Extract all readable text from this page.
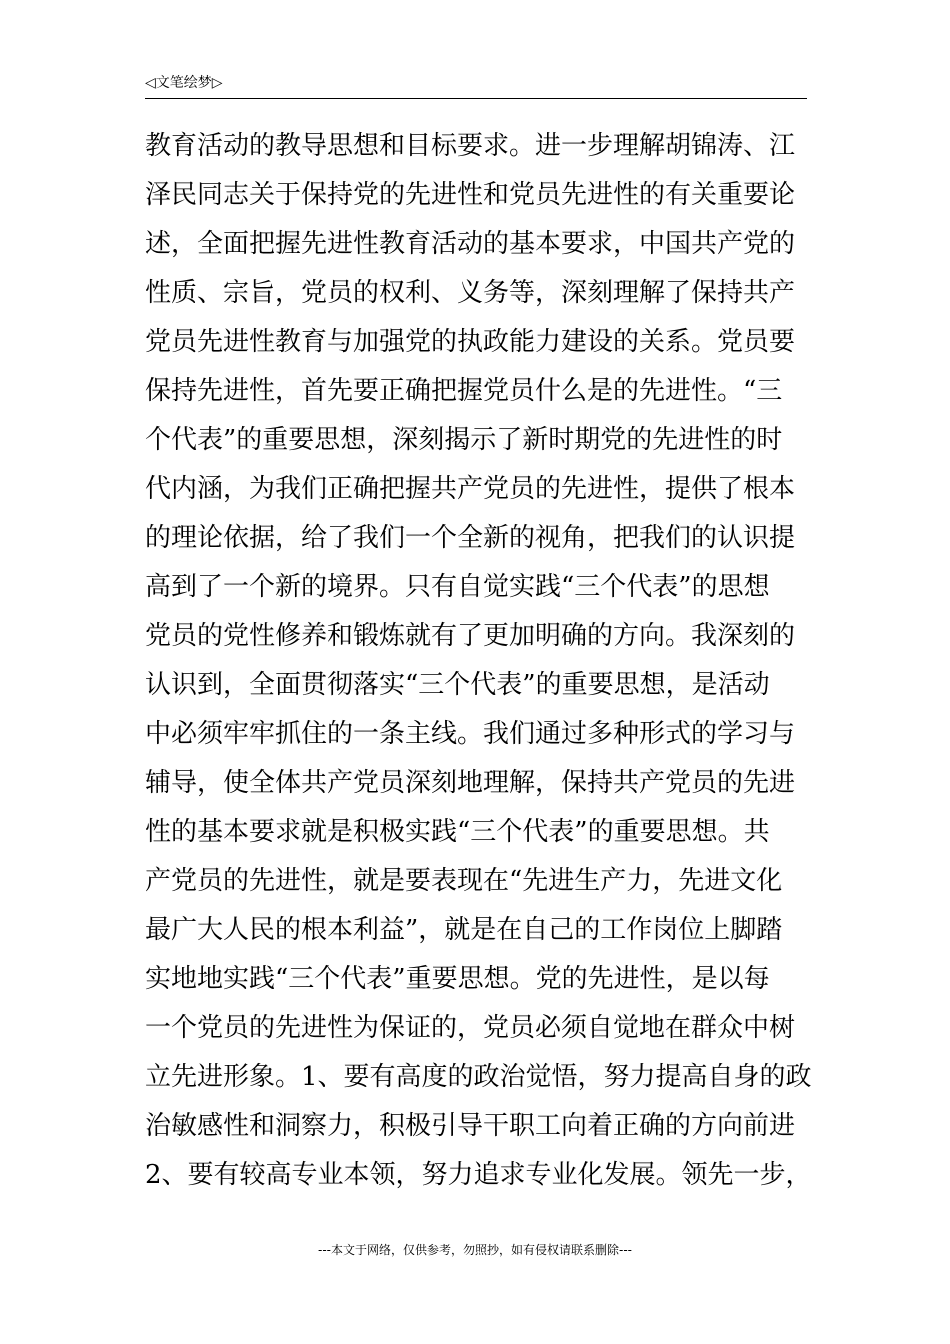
◁文笔绘梦▷
教育活动的教导思想和目标要求。进一步理解胡锦涛、江
泽民同志关于保持党的先进性和党员先进性的有关重要论
述，全面把握先进性教育活动的基本要求，中国共产党的
性质、宗旨，党员的权利、义务等，深刻理解了保持共产
党员先进性教育与加强党的执政能力建设的关系。党员要
保持先进性，首先要正确把握党员什么是的先进性。“三
个代表”的重要思想，深刻揭示了新时期党的先进性的时
代内涵，为我们正确把握共产党员的先进性，提供了根本
的理论依据，给了我们一个全新的视角，把我们的认识提
高到了一个新的境界。只有自觉实践“三个代表”的思想
党员的党性修养和锻炼就有了更加明确的方向。我深刻的
认识到，全面贯彻落实“三个代表”的重要思想，是活动
中必须牢牢抓住的一条主线。我们通过多种形式的学习与
辅导，使全体共产党员深刻地理解，保持共产党员的先进
性的基本要求就是积极实践“三个代表”的重要思想。共
产党员的先进性，就是要表现在“先进生产力，先进文化
最广大人民的根本利益”，就是在自己的工作岗位上脚踏
实地地实践“三个代表”重要思想。党的先进性，是以每
一个党员的先进性为保证的，党员必须自觉地在群众中树
立先进形象。1、要有高度的政治觉悟，努力提高自身的政
治敏感性和洞察力，积极引导干职工向着正确的方向前进
2、要有较高专业本领，努力追求专业化发展。领先一步，
---本文于网络，仅供参考，勿照抄，如有侵权请联系删除---
